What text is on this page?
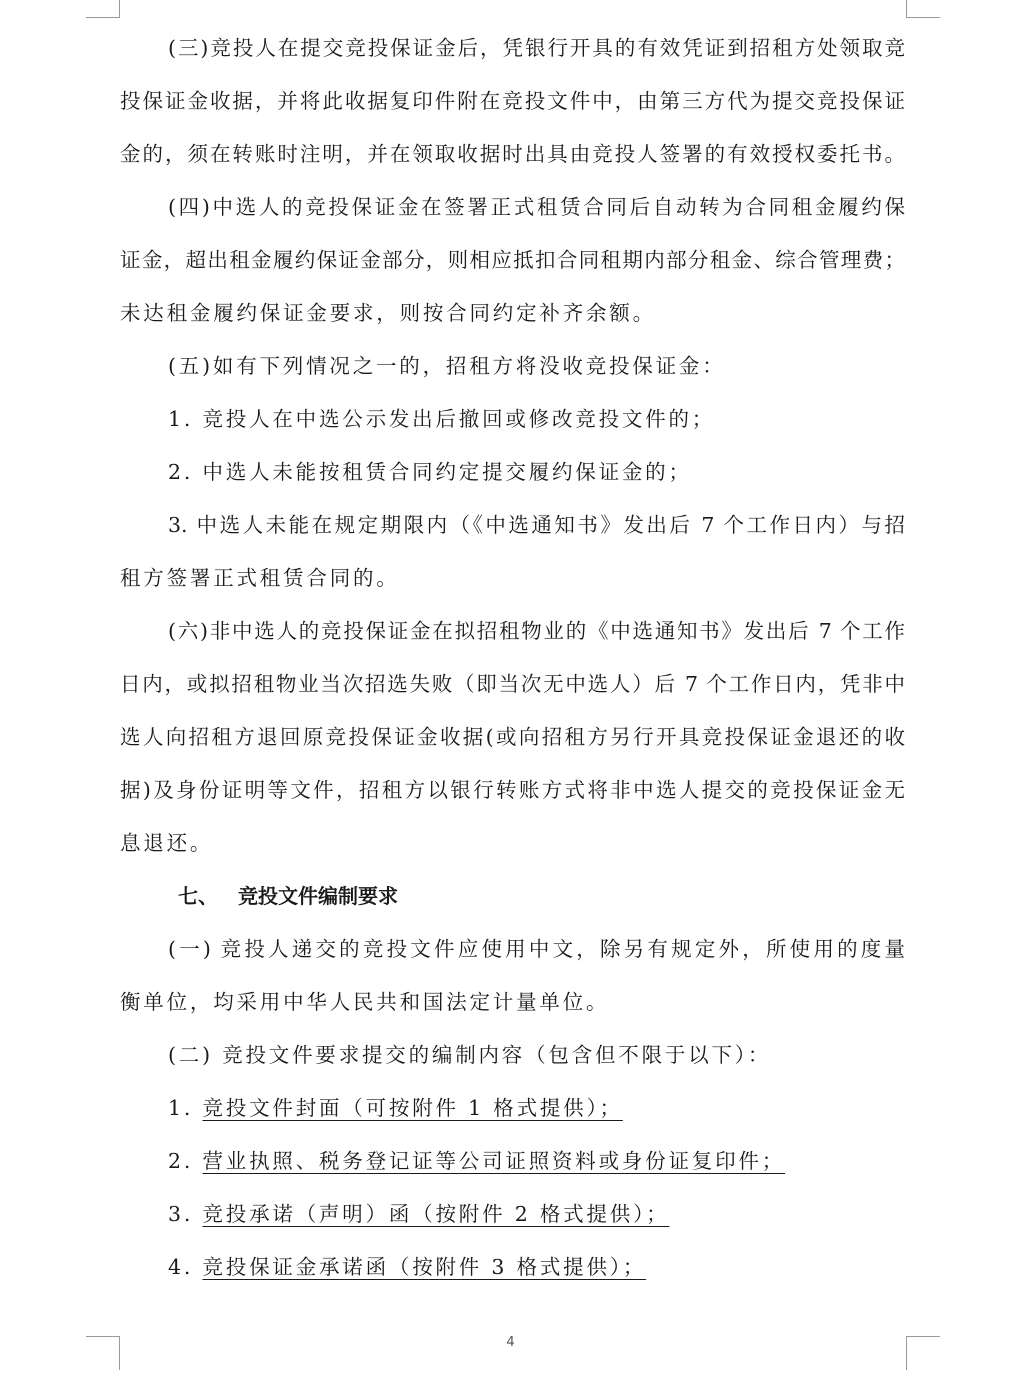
(三)竞投人在提交竞投保证金后，凭银行开具的有效凭证到招租方处领取竞
投保证金收据，并将此收据复印件附在竞投文件中，由第三方代为提交竞投保证
金的，须在转账时注明，并在领取收据时出具由竞投人签署的有效授权委托书。
(四)中选人的竞投保证金在签署正式租赁合同后自动转为合同租金履约保
证金，超出租金履约保证金部分，则相应抵扣合同租期内部分租金、综合管理费；
未达租金履约保证金要求，则按合同约定补齐余额。
(五)如有下列情况之一的，招租方将没收竞投保证金：
1. 竞投人在中选公示发出后撤回或修改竞投文件的；
2. 中选人未能按租赁合同约定提交履约保证金的；
3. 中选人未能在规定期限内（《中选通知书》发出后 7 个工作日内）与招
租方签署正式租赁合同的。
(六)非中选人的竞投保证金在拟招租物业的《中选通知书》发出后 7 个工作
日内，或拟招租物业当次招选失败（即当次无中选人）后 7 个工作日内，凭非中
选人向招租方退回原竞投保证金收据(或向招租方另行开具竞投保证金退还的收
据)及身份证明等文件，招租方以银行转账方式将非中选人提交的竞投保证金无
息退还。
七、 竞投文件编制要求
(一) 竞投人递交的竞投文件应使用中文，除另有规定外，所使用的度量
衡单位，均采用中华人民共和国法定计量单位。
(二) 竞投文件要求提交的编制内容（包含但不限于以下）：
1. 竞投文件封面（可按附件 1 格式提供）；
2. 营业执照、税务登记证等公司证照资料或身份证复印件；
3. 竞投承诺（声明）函（按附件 2 格式提供）；
4. 竞投保证金承诺函（按附件 3 格式提供）；
4
